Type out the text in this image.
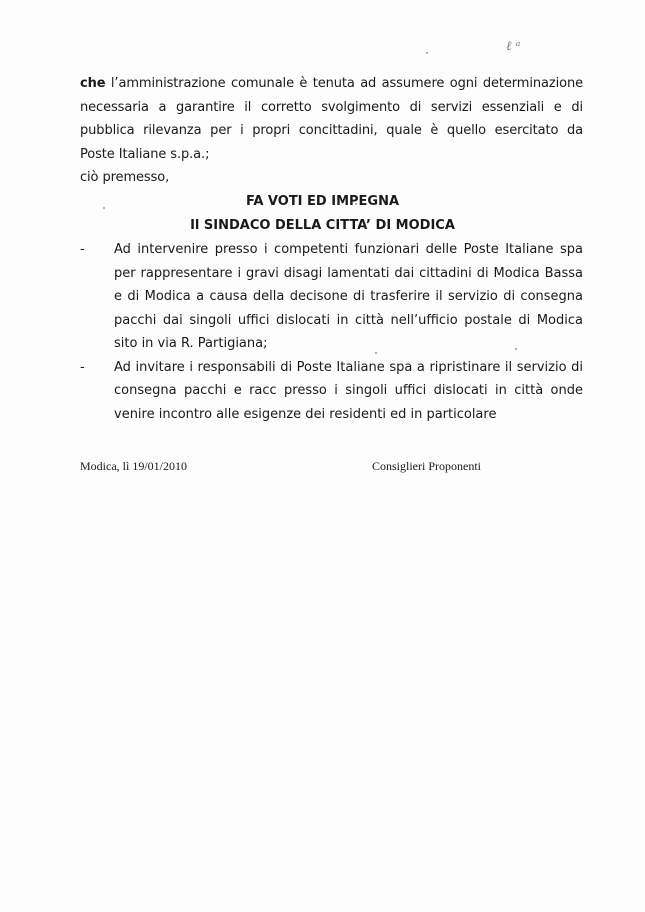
ℓ ᵃ
che l’amministrazione comunale è tenuta ad assumere ogni determinazione
necessaria a garantire il corretto svolgimento di servizi essenziali e di
pubblica rilevanza per i propri concittadini, quale è quello esercitato da
Poste Italiane s.p.a.;
ciò premesso,
FA VOTI ED IMPEGNA
Il SINDACO DELLA CITTA’ DI MODICA
- Ad intervenire presso i competenti funzionari delle Poste Italiane spa
per rappresentare i gravi disagi lamentati dai cittadini di Modica Bassa
e di Modica a causa della decisone di trasferire il servizio di consegna
pacchi dai singoli uffici dislocati in città nell’ufficio postale di Modica
sito in via R. Partigiana;
- Ad invitare i responsabili di Poste Italiane spa a ripristinare il servizio di
consegna pacchi e racc presso i singoli uffici dislocati in città onde
venire incontro alle esigenze dei residenti ed in particolare
Modica, lì 19/01/2010	Consiglieri Proponenti
